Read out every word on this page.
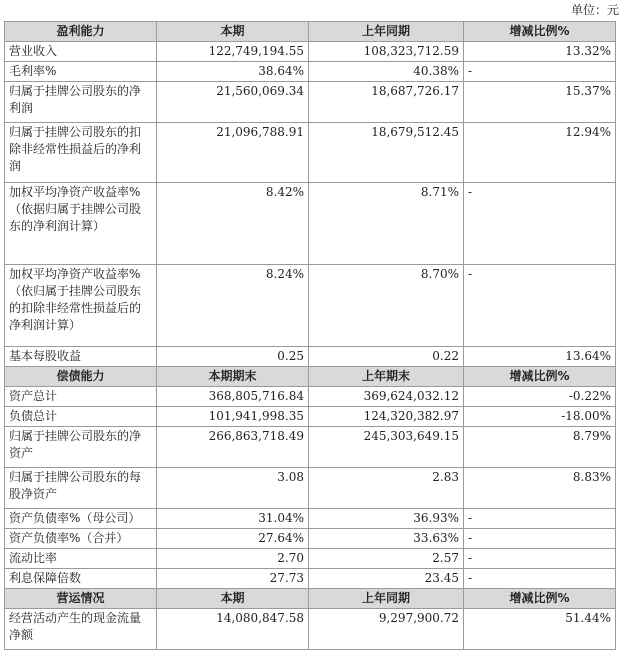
单位：元
盈利能力	本期	上年同期	增减比例%
营业收入	122,749,194.55	108,323,712.59	13.32%
毛利率%	38.64%	40.38%	-
归属于挂牌公司股东的净利润	21,560,069.34	18,687,726.17	15.37%
归属于挂牌公司股东的扣除非经常性损益后的净利润	21,096,788.91	18,679,512.45	12.94%
加权平均净资产收益率%（依据归属于挂牌公司股东的净利润计算）	8.42%	8.71%	-
加权平均净资产收益率%（依归属于挂牌公司股东的扣除非经常性损益后的净利润计算）	8.24%	8.70%	-
基本每股收益	0.25	0.22	13.64%
偿债能力	本期期末	上年期末	增减比例%
资产总计	368,805,716.84	369,624,032.12	-0.22%
负债总计	101,941,998.35	124,320,382.97	-18.00%
归属于挂牌公司股东的净资产	266,863,718.49	245,303,649.15	8.79%
归属于挂牌公司股东的每股净资产	3.08	2.83	8.83%
资产负债率%（母公司）	31.04%	36.93%	-
资产负债率%（合并）	27.64%	33.63%	-
流动比率	2.70	2.57	-
利息保障倍数	27.73	23.45	-
营运情况	本期	上年同期	增减比例%
经营活动产生的现金流量净额	14,080,847.58	9,297,900.72	51.44%
